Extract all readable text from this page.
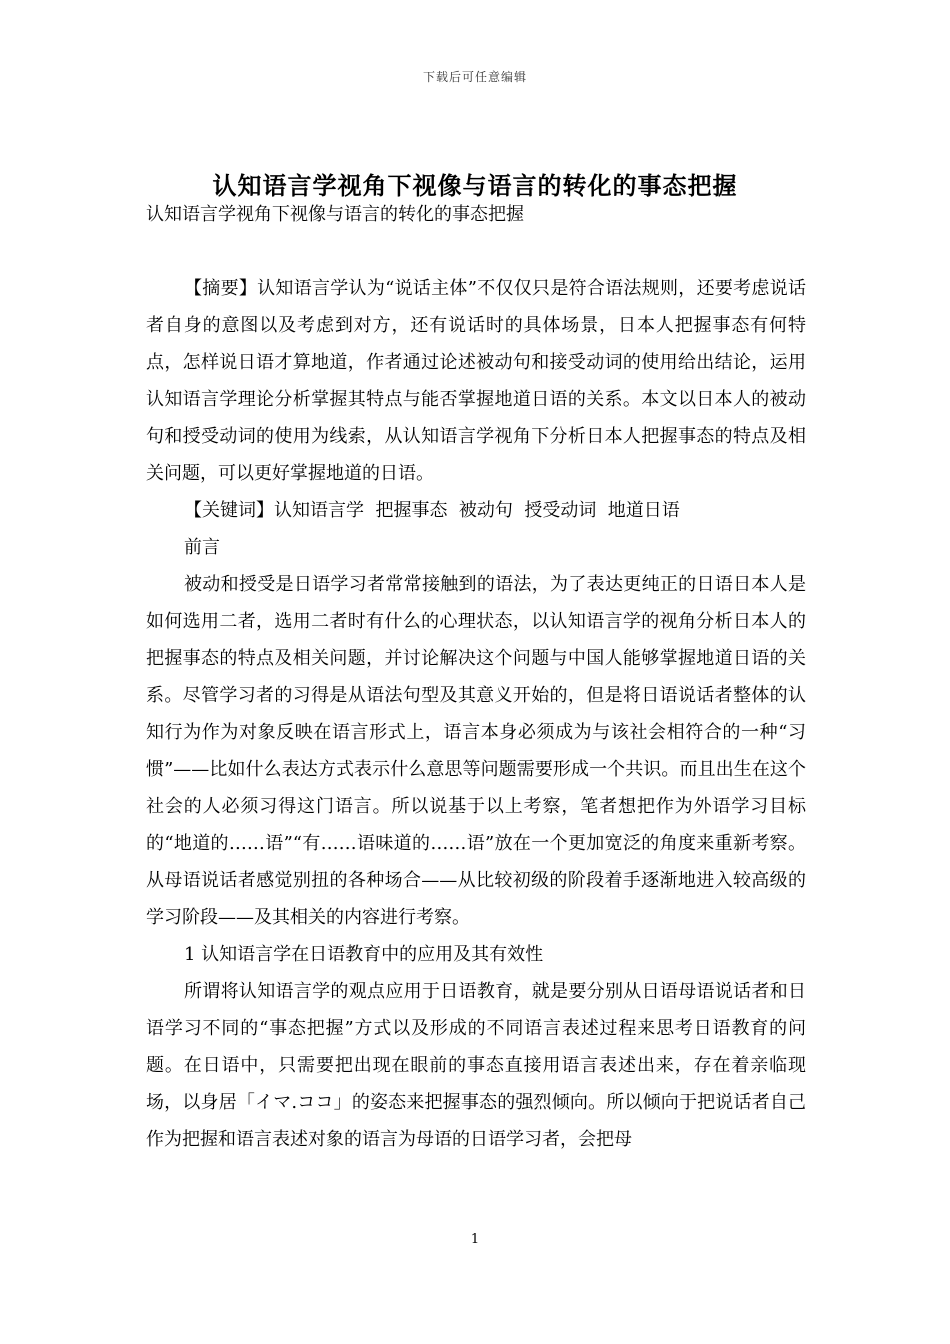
下载后可任意编辑
认知语言学视角下视像与语言的转化的事态把握

认知语言学视角下视像与语言的转化的事态把握

【摘要】认知语言学认为“说话主体”不仅仅只是符合语法规则，还要考虑说话者自身的意图以及考虑到对方，还有说话时的具体场景，日本人把握事态有何特点，怎样说日语才算地道，作者通过论述被动句和接受动词的使用给出结论，运用认知语言学理论分析掌握其特点与能否掌握地道日语的关系。本文以日本人的被动句和授受动词的使用为线索，从认知语言学视角下分析日本人把握事态的特点及相关问题，可以更好掌握地道的日语。

【关键词】认知语言学  把握事态  被动句  授受动词  地道日语

前言

被动和授受是日语学习者常常接触到的语法，为了表达更纯正的日语日本人是如何选用二者，选用二者时有什么的心理状态，以认知语言学的视角分析日本人的把握事态的特点及相关问题，并讨论解决这个问题与中国人能够掌握地道日语的关系。尽管学习者的习得是从语法句型及其意义开始的，但是将日语说话者整体的认知行为作为对象反映在语言形式上，语言本身必须成为与该社会相符合的一种“习惯”——比如什么表达方式表示什么意思等问题需要形成一个共识。而且出生在这个社会的人必须习得这门语言。所以说基于以上考察，笔者想把作为外语学习目标的“地道的……语”“有……语味道的……语”放在一个更加宽泛的角度来重新考察。从母语说话者感觉别扭的各种场合——从比较初级的阶段着手逐渐地进入较高级的学习阶段——及其相关的内容进行考察。

1 认知语言学在日语教育中的应用及其有效性

所谓将认知语言学的观点应用于日语教育，就是要分别从日语母语说话者和日语学习不同的“事态把握”方式以及形成的不同语言表述过程来思考日语教育的问题。在日语中，只需要把出现在眼前的事态直接用语言表述出来，存在着亲临现场，以身居「イマ.ココ」的姿态来把握事态的强烈倾向。所以倾向于把说话者自己作为把握和语言表述对象的语言为母语的日语学习者，会把母

1
